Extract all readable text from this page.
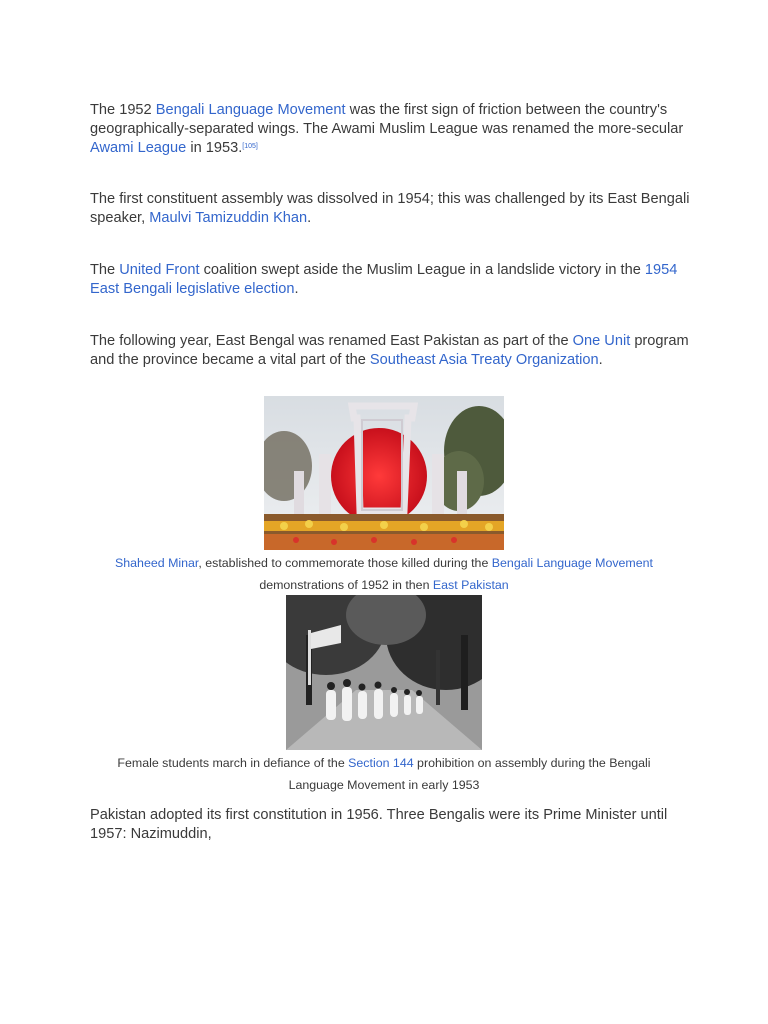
The 1952 Bengali Language Movement was the first sign of friction between the country's geographically-separated wings. The Awami Muslim League was renamed the more-secular Awami League in 1953.[105]

The first constituent assembly was dissolved in 1954; this was challenged by its East Bengali speaker, Maulvi Tamizuddin Khan.

The United Front coalition swept aside the Muslim League in a landslide victory in the 1954 East Bengali legislative election.

The following year, East Bengal was renamed East Pakistan as part of the One Unit program and the province became a vital part of the Southeast Asia Treaty Organization.

Shaheed Minar, established to commemorate those killed during the Bengali Language Movement demonstrations of 1952 in then East Pakistan

Female students march in defiance of the Section 144 prohibition on assembly during the Bengali Language Movement in early 1953

Pakistan adopted its first constitution in 1956. Three Bengalis were its Prime Minister until 1957: Nazimuddin,
